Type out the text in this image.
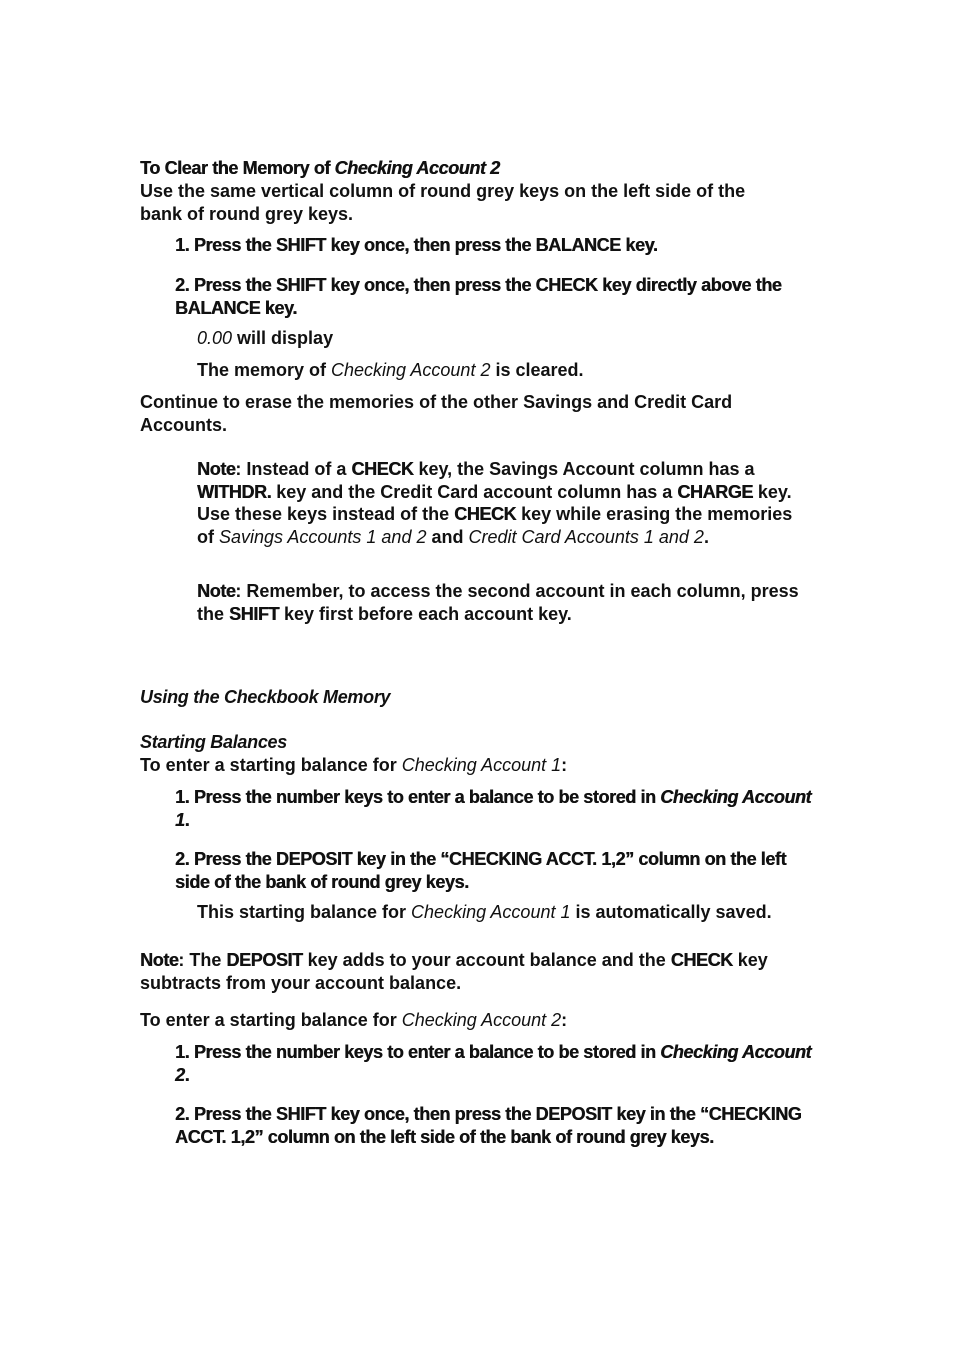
To Clear the Memory of Checking Account 2
Use the same vertical column of round grey keys on the left side of the bank of round grey keys.
1. Press the SHIFT key once, then press the BALANCE key.
2. Press the SHIFT key once, then press the CHECK key directly above the BALANCE key.
0.00 will display
The memory of Checking Account 2 is cleared.
Continue to erase the memories of the other Savings and Credit Card Accounts.
Note: Instead of a CHECK key, the Savings Account column has a WITHDR. key and the Credit Card account column has a CHARGE key. Use these keys instead of the CHECK key while erasing the memories of Savings Accounts 1 and 2 and Credit Card Accounts 1 and 2.
Note: Remember, to access the second account in each column, press the SHIFT key first before each account key.
Using the Checkbook Memory
Starting Balances
To enter a starting balance for Checking Account 1:
1. Press the number keys to enter a balance to be stored in Checking Account 1.
2. Press the DEPOSIT key in the “CHECKING ACCT. 1,2” column on the left side of the bank of round grey keys.
This starting balance for Checking Account 1 is automatically saved.
Note: The DEPOSIT key adds to your account balance and the CHECK key subtracts from your account balance.
To enter a starting balance for Checking Account 2:
1. Press the number keys to enter a balance to be stored in Checking Account 2.
2. Press the SHIFT key once, then press the DEPOSIT key in the “CHECKING ACCT. 1,2” column on the left side of the bank of round grey keys.
